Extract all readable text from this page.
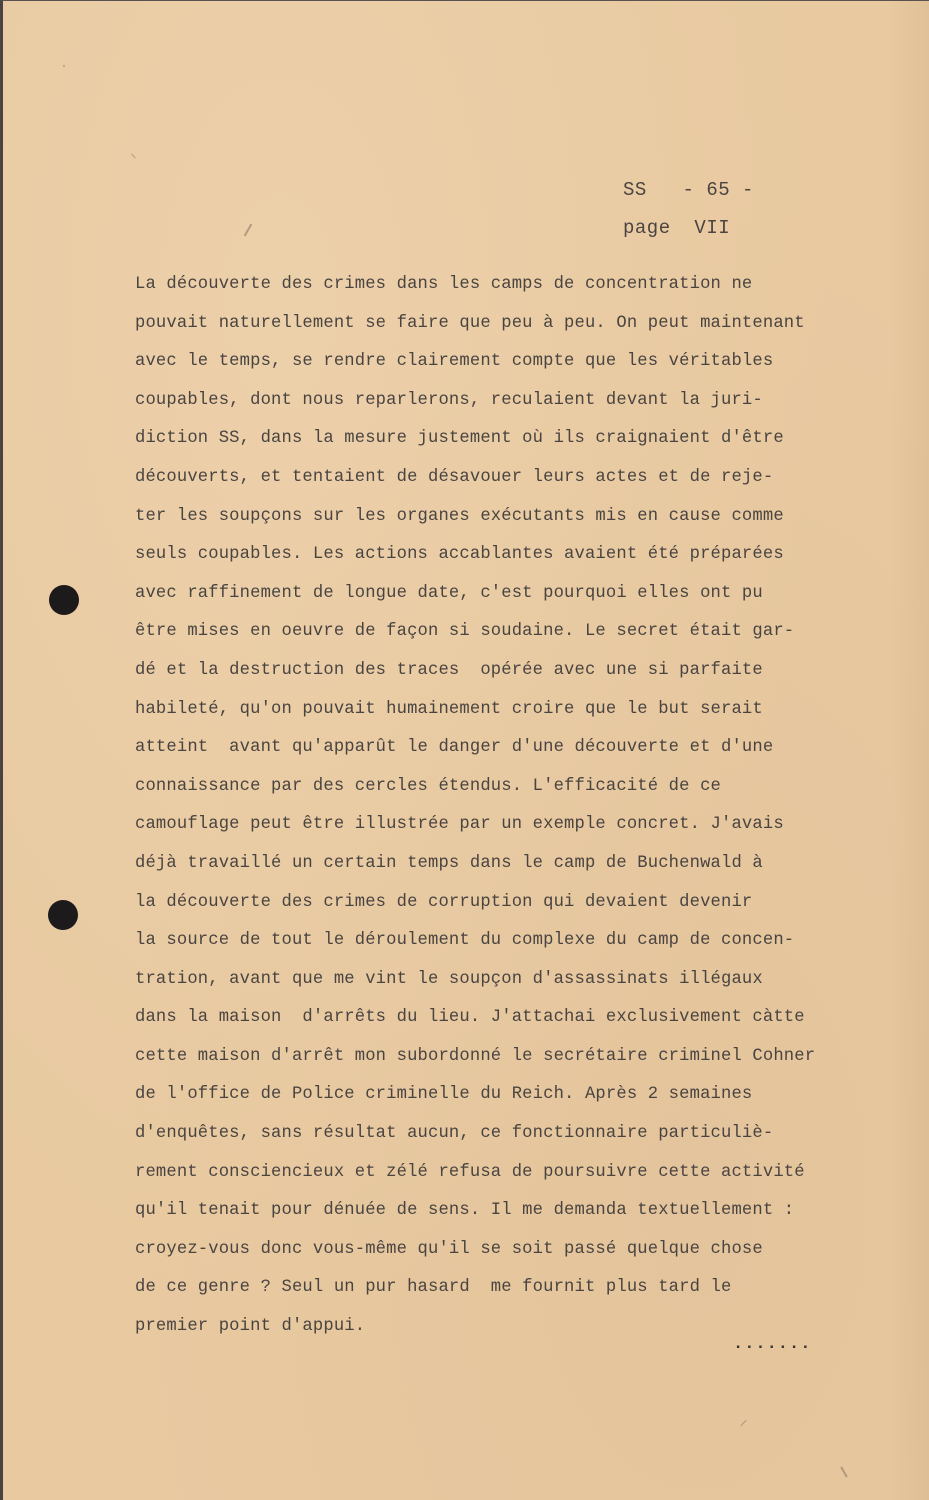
SS   - 65 -
page  VII
La découverte des crimes dans les camps de concentration ne
pouvait naturellement se faire que peu à peu. On peut maintenant
avec le temps, se rendre clairement compte que les véritables
coupables, dont nous reparlerons, reculaient devant la juri-
diction SS, dans la mesure justement où ils craignaient d'être
découverts, et tentaient de désavouer leurs actes et de reje-
ter les soupçons sur les organes exécutants mis en cause comme
seuls coupables. Les actions accablantes avaient été préparées
avec raffinement de longue date, c'est pourquoi elles ont pu
être mises en oeuvre de façon si soudaine. Le secret était gar-
dé et la destruction des traces  opérée avec une si parfaite
habileté, qu'on pouvait humainement croire que le but serait
atteint  avant qu'apparût le danger d'une découverte et d'une
connaissance par des cercles étendus. L'efficacité de ce
camouflage peut être illustrée par un exemple concret. J'avais
déjà travaillé un certain temps dans le camp de Buchenwald à
la découverte des crimes de corruption qui devaient devenir
la source de tout le déroulement du complexe du camp de concen-
tration, avant que me vint le soupçon d'assassinats illégaux
dans la maison  d'arrêts du lieu. J'attachai exclusivement càtte
cette maison d'arrêt mon subordonné le secrétaire criminel Cohner
de l'office de Police criminelle du Reich. Après 2 semaines
d'enquêtes, sans résultat aucun, ce fonctionnaire particuliè-
rement consciencieux et zélé refusa de poursuivre cette activité
qu'il tenait pour dénuée de sens. Il me demanda textuellement :
croyez-vous donc vous-même qu'il se soit passé quelque chose
de ce genre ? Seul un pur hasard  me fournit plus tard le
premier point d'appui.
.......
